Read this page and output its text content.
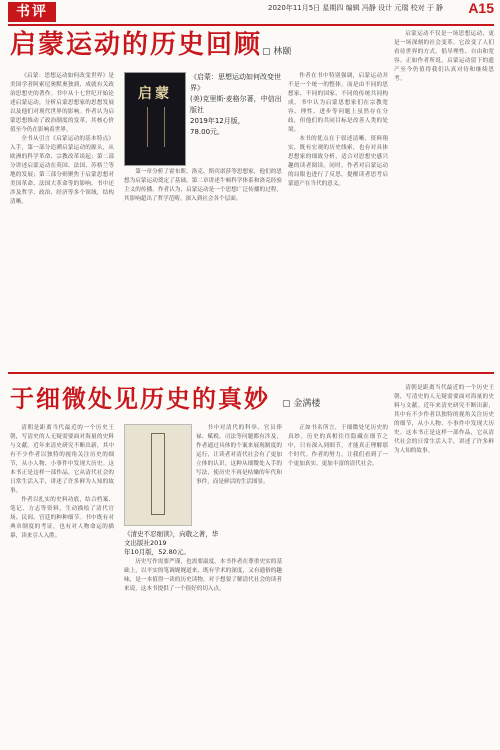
书评	2020年11月5日 星期四 编辑 冯静 设计 元瑞 校对 于 静 A15
启蒙运动的历史回顾 ▢ 林颐

《启蒙：思想运动如何改变世界》是美国学者阿索尼奥默奥独到、成就有关政治思想史的著作。书中从十七世纪开始论述启蒙运动，分析启蒙思想家的思想发展以及他们对现代世界的影响。作者认为启蒙思想推动了政治制度的变革，其核心价值至今仍在影响着世界。

全书从引言《启蒙运动的基本特点》入手，第一部分追溯启蒙运动的源头，从欧洲的科学革命、宗教改革谈起；第二部分讲述启蒙运动在英国、法国、苏格兰等地的发展；第三部分则聚焦于启蒙思想对美国革命、法国大革命等的影响。书中还涉及哲学、政治、经济等多个领域，结构清晰。

启蒙
《启蒙：思想运动如何改变世界》
(美)克里斯·麦格尔著，中信出版社
2019年12月版，
78.00元。

第一章分析了霍布斯、洛克、斯宾诺莎等思想家，他们的思想为启蒙运动奠定了基础。第二章讲述牛顿科学体系和洛克经验主义的传播。作者认为，启蒙运动是一个思想广泛传播的过程，其影响超出了哲学范畴，深入到社会各个层面。

作者在书中特别强调，启蒙运动并不是一个统一的整体，而是由不同的思想家、不同的国家、不同的传统共同构成。书中认为启蒙思想家们在宗教宽容、理性、进步等问题上虽然存在分歧，但他们的共同目标是改善人类的处境。

本书的优点在于叙述清晰、资料翔实，既有宏观的历史线索，也有对具体思想家的细致分析，适合对思想史感兴趣的读者阅读。同时，作者对启蒙运动的局限也进行了反思，提醒读者思考启蒙遗产在当代的意义。

启蒙运动不仅是一场思想运动，更是一场深刻的社会变革。它改变了人们看待世界的方式，倡导理性、自由和宽容。正如作者所说，启蒙运动留下的遗产至今仍值得我们认真对待和继续思考。

于细微处见历史的真妙 ▢ 金满楼

清朝是距离当代最近的一个历史王朝，写清史的人无疑需要面对海量的史料与文献。近年来清史研究不断出新，其中有不少作者以独特的视角关注历史的细节，从小人物、小事件中发现大历史。这本书正是这样一部作品，它从清代社会的日常生活入手，讲述了许多鲜为人知的故事。

作者以扎实的史料功底，结合档案、笔记、方志等资料，生动描绘了清代官场、民间、宫廷的种种细节。书中既有对典章制度的考证，也有对人物命运的描摹，读来引人入胜。	《清史不忍细读》，向敬之著，华文出版社2019
年10月版，52.80元。

书中对清代的科举、官员俸禄、赋税、司法等问题都有涉及，作者通过具体的个案来展现制度的运行，让读者对清代社会有了更加立体的认识。这种从细微处入手的写法，使历史不再是枯燥的年代和事件，而是鲜活的生活图景。

历史写作需要严谨，也需要温度。本书作者在尊重史实的基础上，以平实的笔调娓娓道来，既有学术的深度，又有通俗的趣味，是一本值得一读的历史读物。对于想要了解清代社会的读者来说，这本书提供了一个很好的切入点。

正如书名所言，于细微处见历史的真妙。历史的真相往往隐藏在细节之中，只有深入到细节，才能真正理解那个时代。作者的努力，让我们看到了一个更加真实、更加丰富的清代社会。

清朝是距离当代最近的一个历史王朝，写清史的人无疑需要面对海量的史料与文献。近年来清史研究不断出新，其中有不少作者以独特的视角关注历史的细节，从小人物、小事件中发现大历史。这本书正是这样一部作品，它从清代社会的日常生活入手，讲述了许多鲜为人知的故事。
